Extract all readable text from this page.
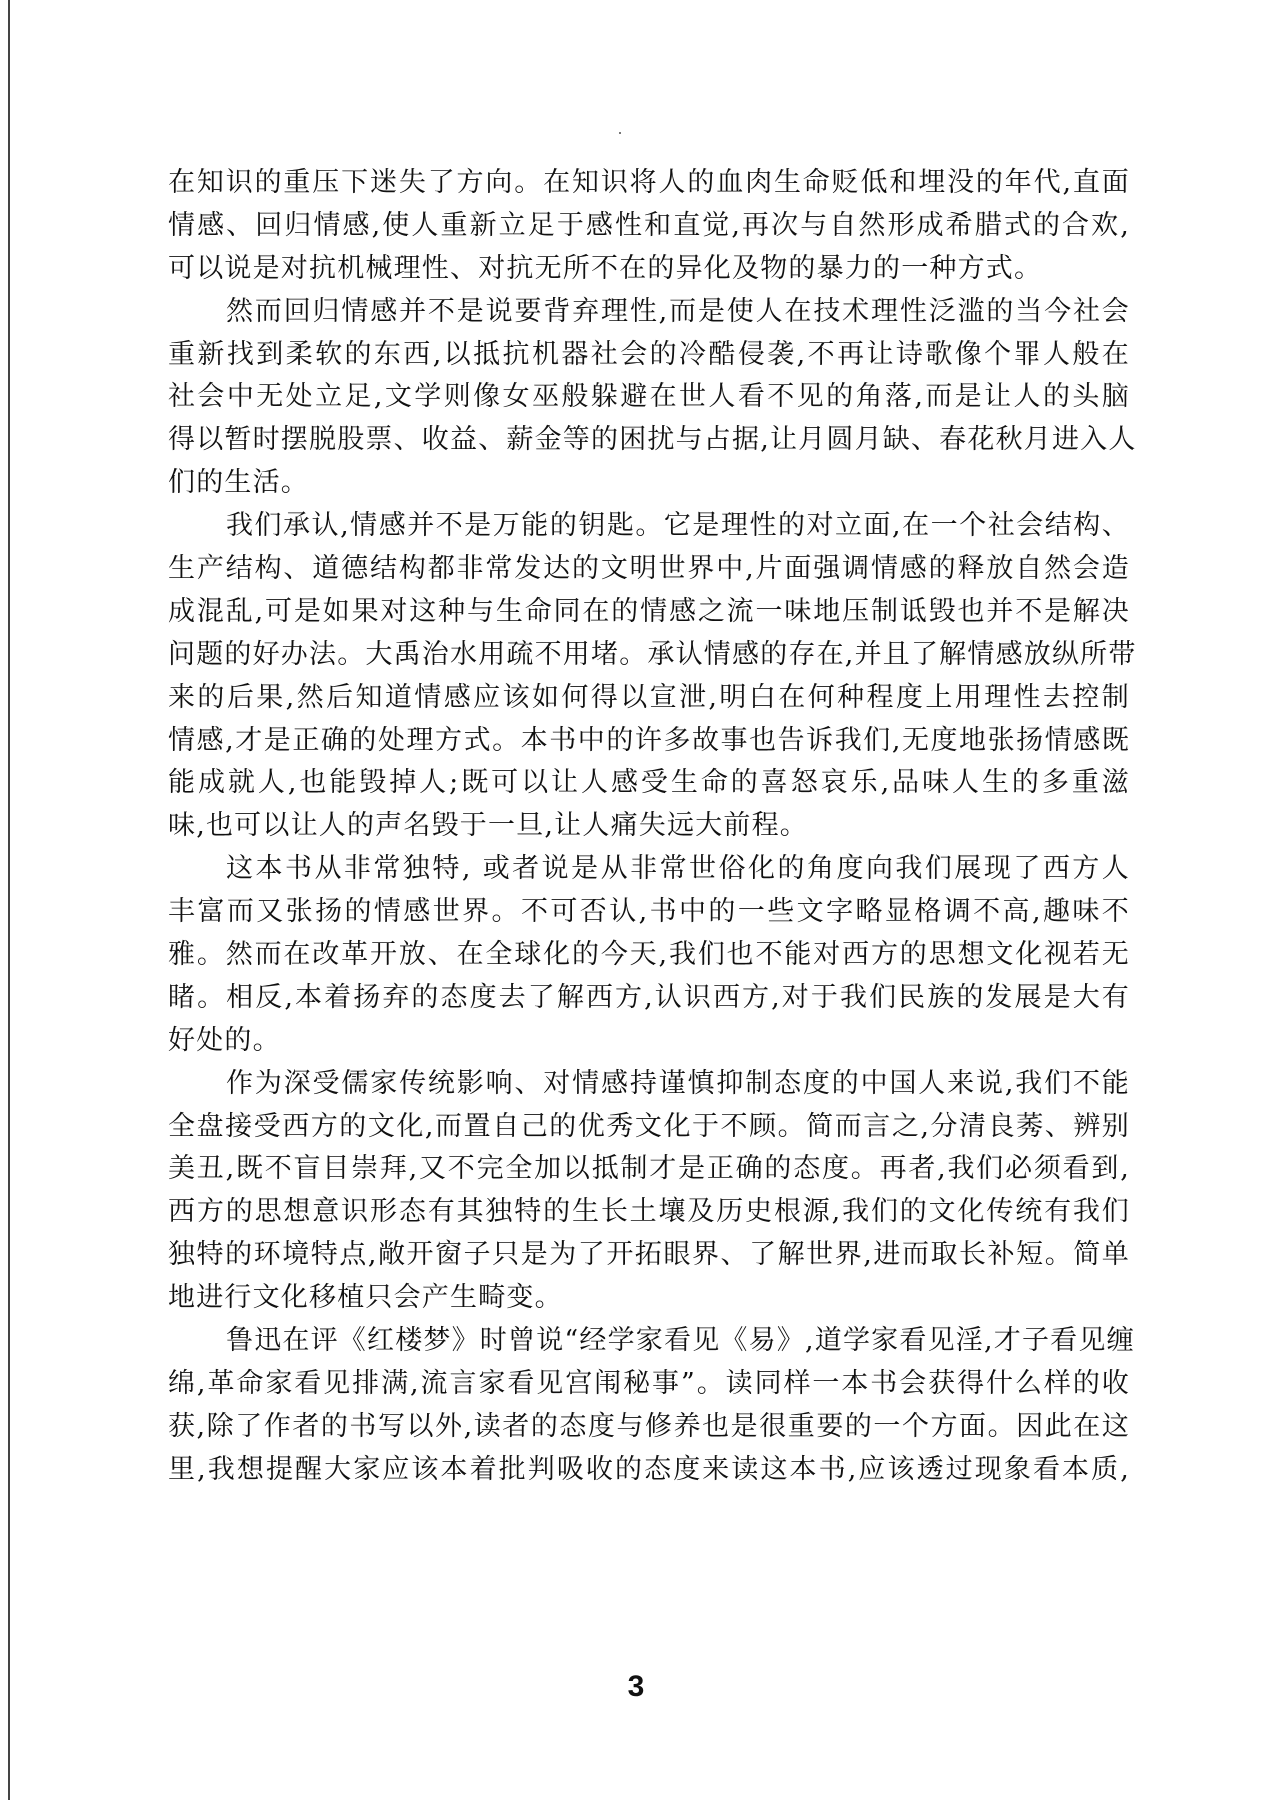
在知识的重压下迷失了方向。在知识将人的血肉生命贬低和埋没的年代,直面
情感、回归情感,使人重新立足于感性和直觉,再次与自然形成希腊式的合欢,
可以说是对抗机械理性、对抗无所不在的异化及物的暴力的一种方式。
然而回归情感并不是说要背弃理性,而是使人在技术理性泛滥的当今社会
重新找到柔软的东西,以抵抗机器社会的冷酷侵袭,不再让诗歌像个罪人般在
社会中无处立足,文学则像女巫般躲避在世人看不见的角落,而是让人的头脑
得以暂时摆脱股票、收益、薪金等的困扰与占据,让月圆月缺、春花秋月进入人
们的生活。
我们承认,情感并不是万能的钥匙。它是理性的对立面,在一个社会结构、
生产结构、道德结构都非常发达的文明世界中,片面强调情感的释放自然会造
成混乱,可是如果对这种与生命同在的情感之流一味地压制诋毁也并不是解决
问题的好办法。大禹治水用疏不用堵。承认情感的存在,并且了解情感放纵所带
来的后果,然后知道情感应该如何得以宣泄,明白在何种程度上用理性去控制
情感,才是正确的处理方式。本书中的许多故事也告诉我们,无度地张扬情感既
能成就人,也能毁掉人;既可以让人感受生命的喜怒哀乐,品味人生的多重滋
味,也可以让人的声名毁于一旦,让人痛失远大前程。
这本书从非常独特, 或者说是从非常世俗化的角度向我们展现了西方人
丰富而又张扬的情感世界。不可否认,书中的一些文字略显格调不高,趣味不
雅。然而在改革开放、在全球化的今天,我们也不能对西方的思想文化视若无
睹。相反,本着扬弃的态度去了解西方,认识西方,对于我们民族的发展是大有
好处的。
作为深受儒家传统影响、对情感持谨慎抑制态度的中国人来说,我们不能
全盘接受西方的文化,而置自己的优秀文化于不顾。简而言之,分清良莠、辨别
美丑,既不盲目崇拜,又不完全加以抵制才是正确的态度。再者,我们必须看到,
西方的思想意识形态有其独特的生长土壤及历史根源,我们的文化传统有我们
独特的环境特点,敞开窗子只是为了开拓眼界、了解世界,进而取长补短。简单
地进行文化移植只会产生畸变。
鲁迅在评《红楼梦》时曾说“经学家看见《易》,道学家看见淫,才子看见缠
绵,革命家看见排满,流言家看见宫闱秘事”。读同样一本书会获得什么样的收
获,除了作者的书写以外,读者的态度与修养也是很重要的一个方面。因此在这
里,我想提醒大家应该本着批判吸收的态度来读这本书,应该透过现象看本质,
3
